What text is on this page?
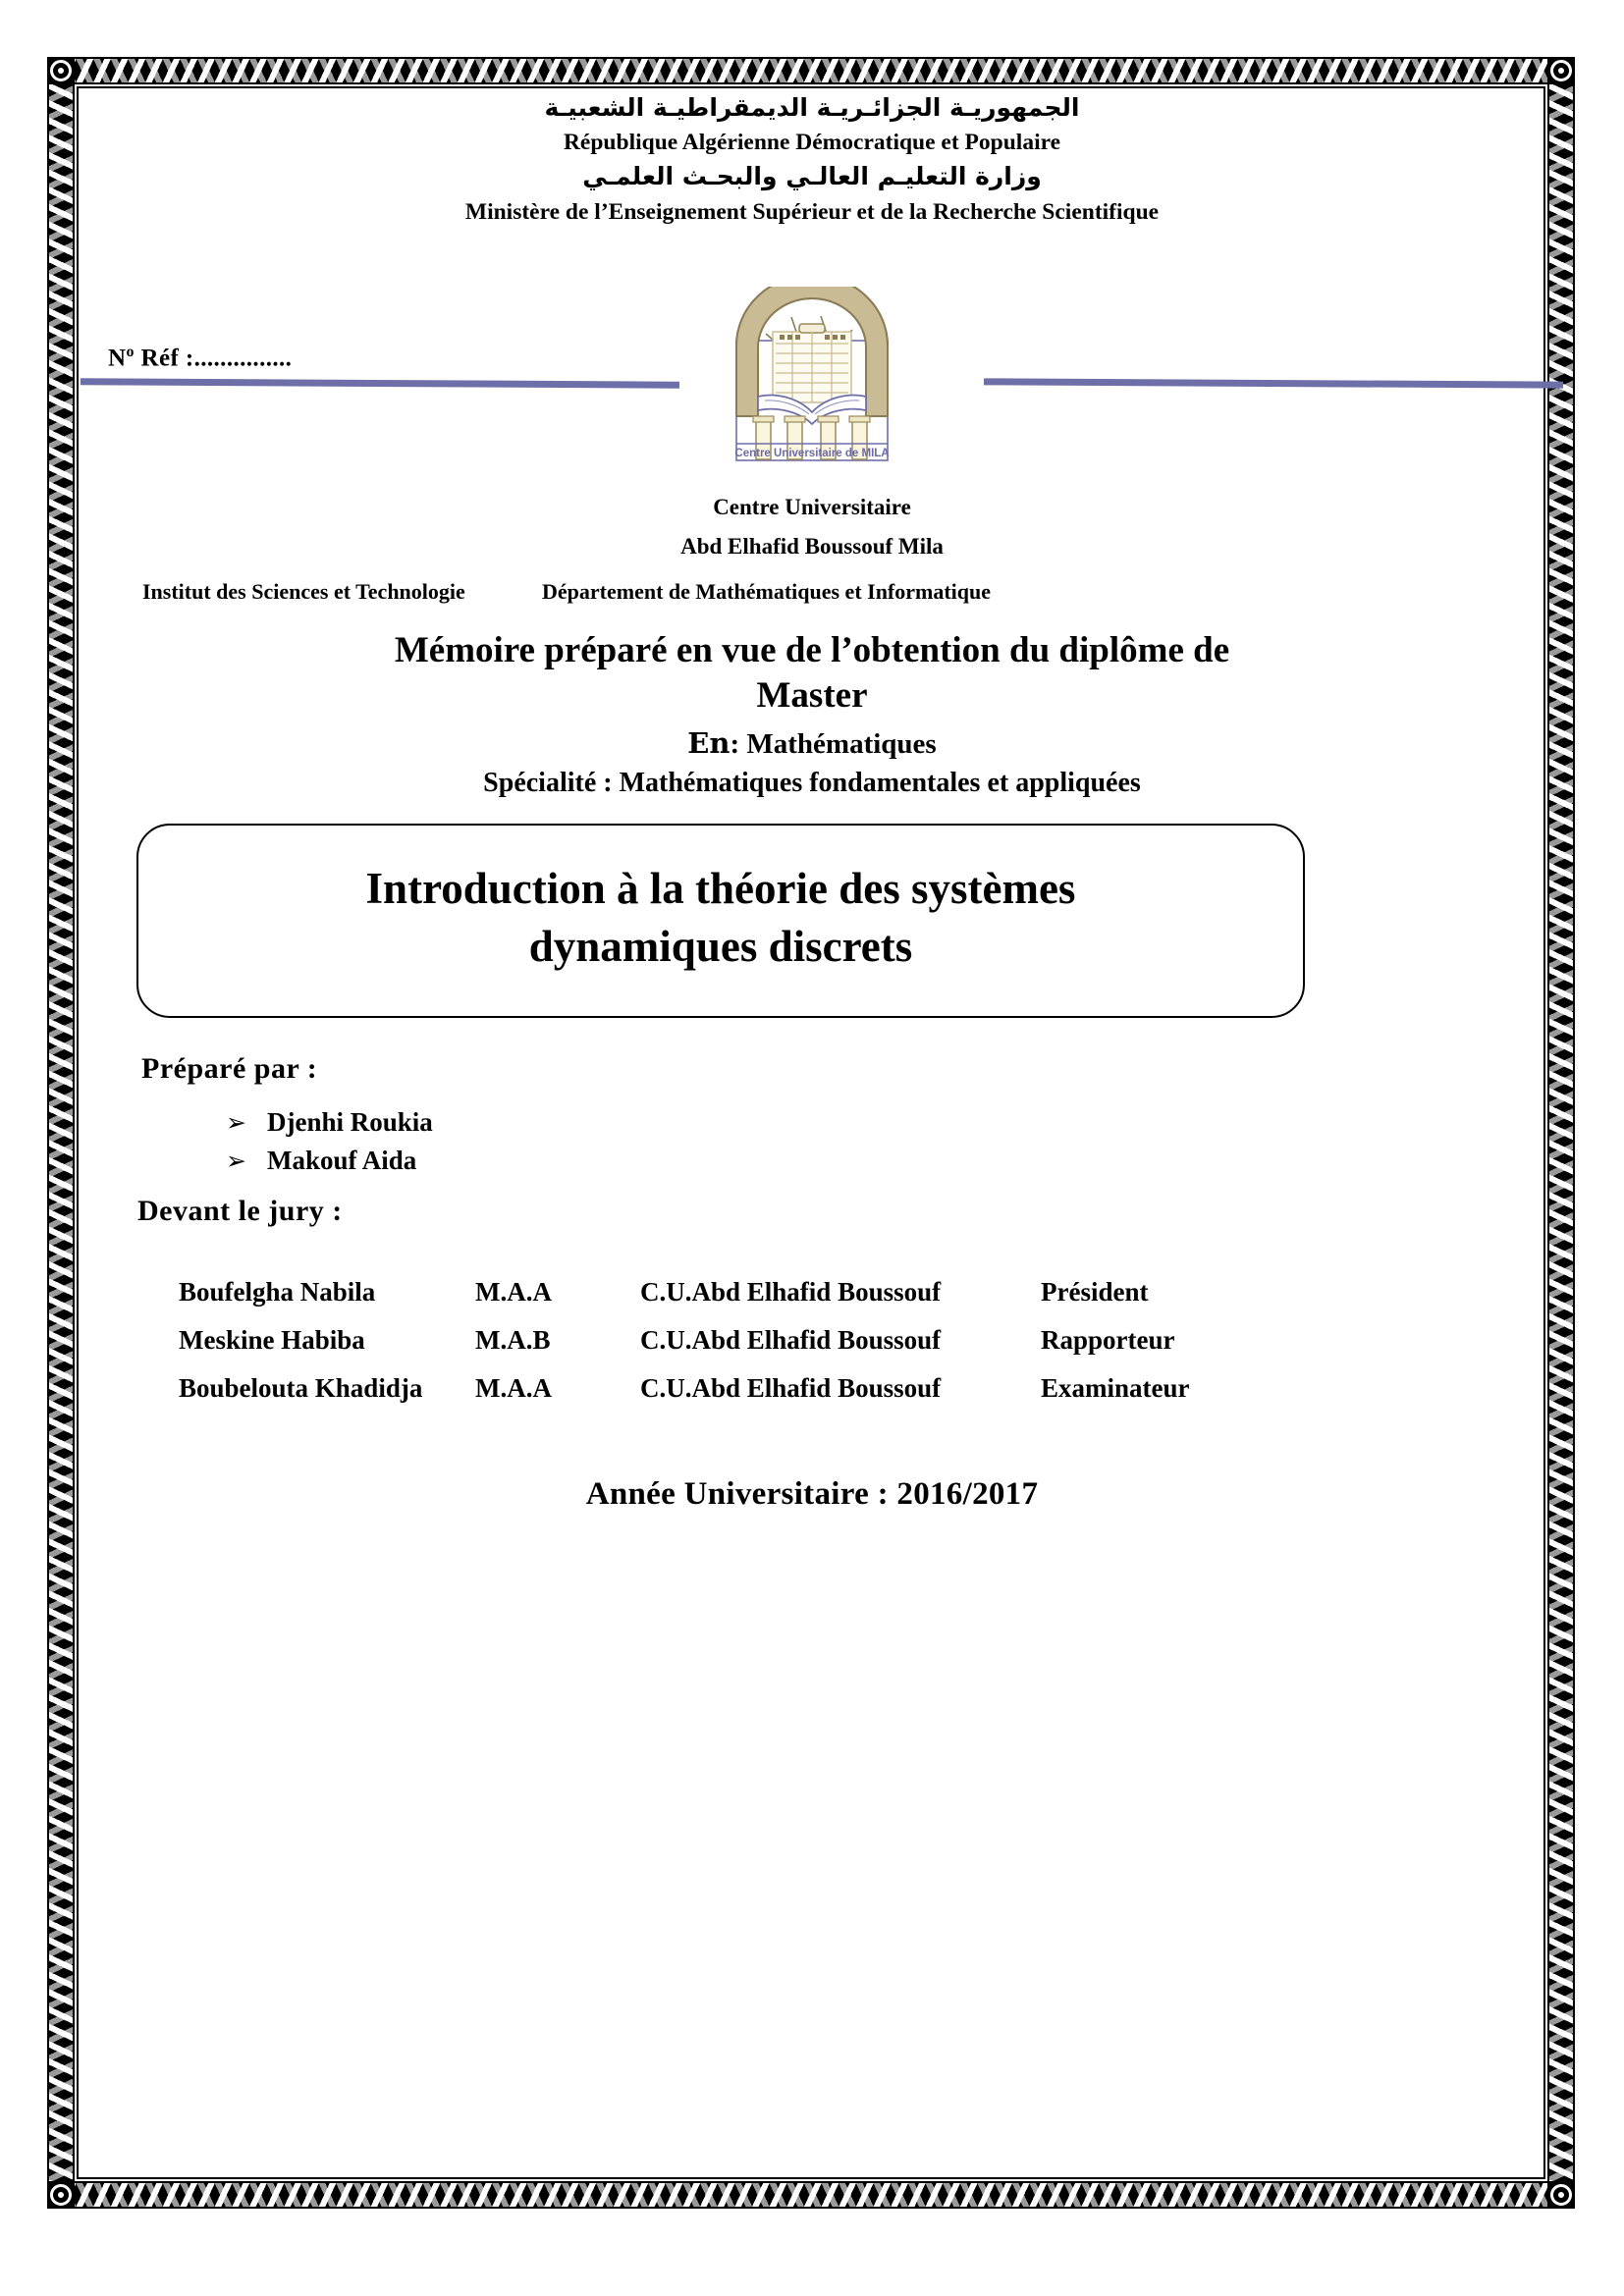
الجمهوريـة الجزائـريـة الديمقراطيـة الشعبيـة
République Algérienne Démocratique et Populaire
وزارة التعليـم العالـي والبحـث العلمـي
Ministère de l’Enseignement Supérieur et de la Recherche Scientifique
Centre Universitaire de MILA
$N^o$ Réf :...............
Centre Universitaire
Abd Elhafid Boussouf Mila
Institut des Sciences et Technologie	Département de Mathématiques et Informatique
Mémoire préparé en vue de l’obtention du diplôme de
Master
En: Mathématiques
Spécialité : Mathématiques fondamentales et appliquées
Introduction à la théorie des systèmes
dynamiques discrets
Préparé par :
➢ Djenhi Roukia
➢ Makouf Aida
Devant le jury :
Boufelgha Nabila	M.A.A	C.U.Abd Elhafid Boussouf	Président
Meskine Habiba	M.A.B	C.U.Abd Elhafid Boussouf	Rapporteur
Boubelouta Khadidja	M.A.A	C.U.Abd Elhafid Boussouf	Examinateur
Année Universitaire : 2016/2017
